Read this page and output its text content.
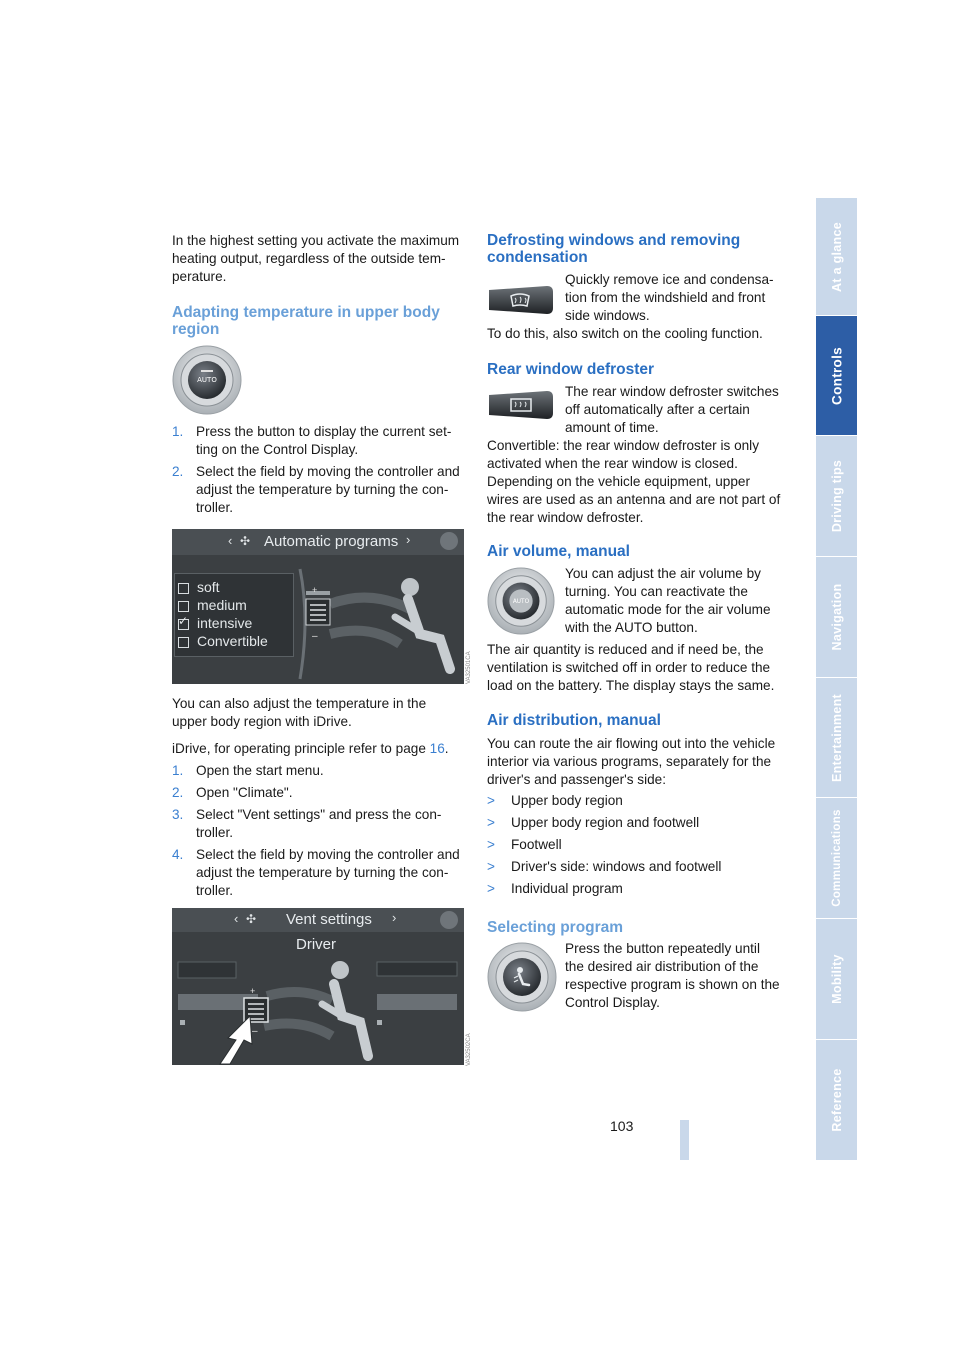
At a glance
Controls
Driving tips
Navigation
Entertainment
Communications
Mobility
Reference

In the highest setting you activate the maximum heating output, regardless of the outside tem-perature.

Adapting temperature in upper body region
AUTO
1. Press the button to display the current set-ting on the Control Display.
2. Select the field by moving the controller and adjust the temperature by turning the con-troller.
‹ ✣ Automatic programs ›
soft
medium
✓ intensive
Convertible
+
–
VA32501CA

You can also adjust the temperature in the upper body region with iDrive.

iDrive, for operating principle refer to page 16.

1. Open the start menu.
2. Open "Climate".
3. Select "Vent settings" and press the con-troller.
4. Select the field by moving the controller and adjust the temperature by turning the con-troller.
‹ ✣ Vent settings ›
Driver
+
–
VA32502CA
Defrosting windows and removing condensation

Quickly remove ice and condensa-tion from the windshield and front side windows.

To do this, also switch on the cooling function.

Rear window defroster

The rear window defroster switches off automatically after a certain amount of time.

Convertible: the rear window defroster is only activated when the rear window is closed. Depending on the vehicle equipment, upper wires are used as an antenna and are not part of the rear window defroster.

Air volume, manual
AUTO

You can adjust the air volume by turning. You can reactivate the automatic mode for the air volume with the AUTO button.

The air quantity is reduced and if need be, the ventilation is switched off in order to reduce the load on the battery. The display stays the same.

Air distribution, manual

You can route the air flowing out into the vehicle interior via various programs, separately for the driver's and passenger's side:

>	Upper body region
>	Upper body region and footwell
>	Footwell
>	Driver's side: windows and footwell
>	Individual program
Selecting program

Press the button repeatedly until the desired air distribution of the respective program is shown on the Control Display.

103
